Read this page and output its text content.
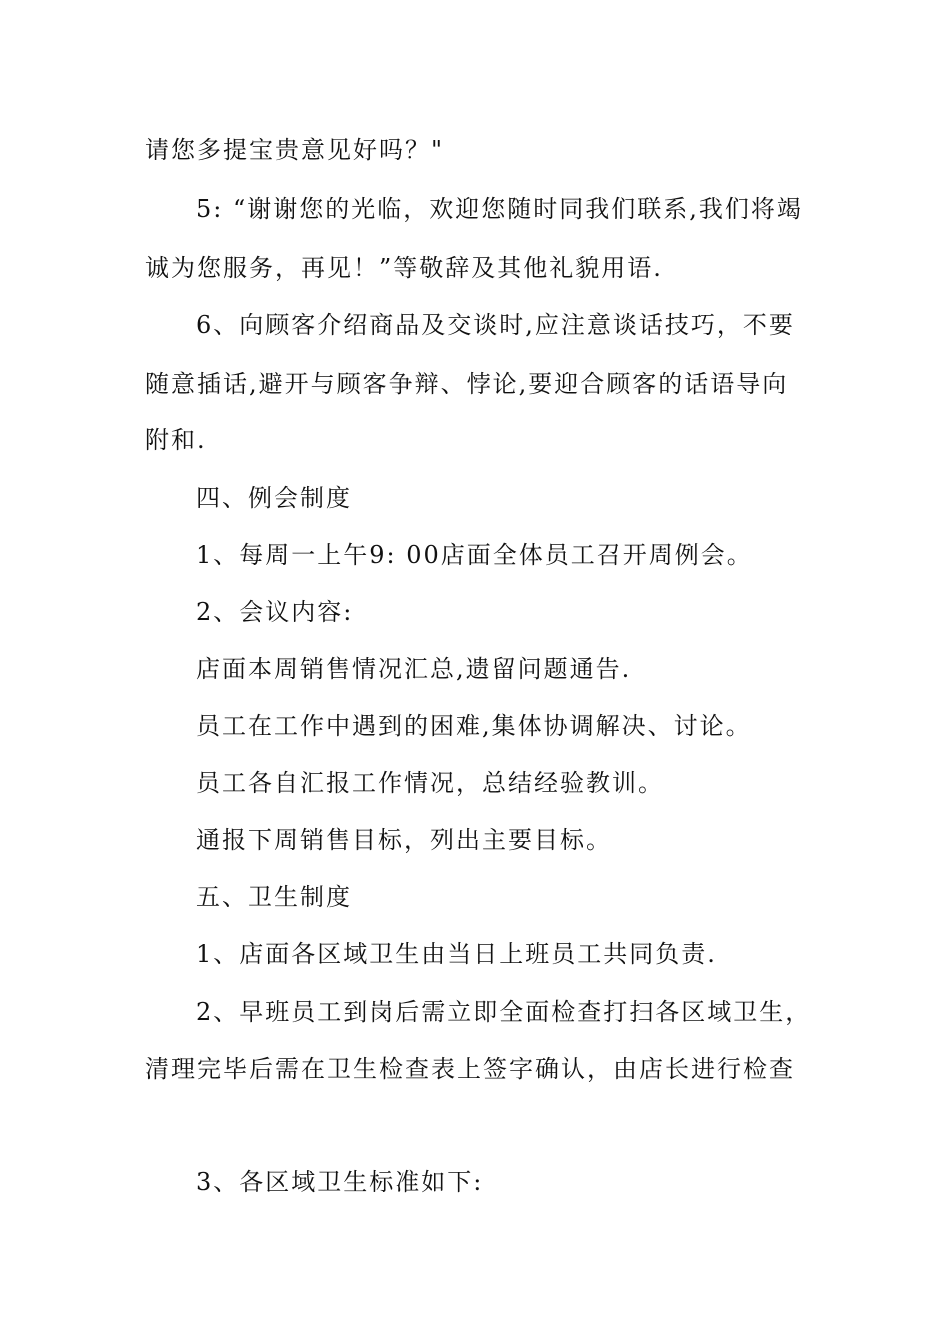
请您多提宝贵意见好吗？"
5: “谢谢您的光临，欢迎您随时同我们联系,我们将竭
诚为您服务，再见！”等敬辞及其他礼貌用语.
6、向顾客介绍商品及交谈时,应注意谈话技巧，不要
随意插话,避开与顾客争辩、悖论,要迎合顾客的话语导向
附和.
四、例会制度
1、每周一上午9: 00店面全体员工召开周例会。
2、会议内容:
店面本周销售情况汇总,遗留问题通告.
员工在工作中遇到的困难,集体协调解决、讨论。
员工各自汇报工作情况，总结经验教训。
通报下周销售目标，列出主要目标。
五、卫生制度
1、店面各区域卫生由当日上班员工共同负责.
2、早班员工到岗后需立即全面检查打扫各区域卫生，
清理完毕后需在卫生检查表上签字确认，由店长进行检查
3、各区域卫生标准如下:
